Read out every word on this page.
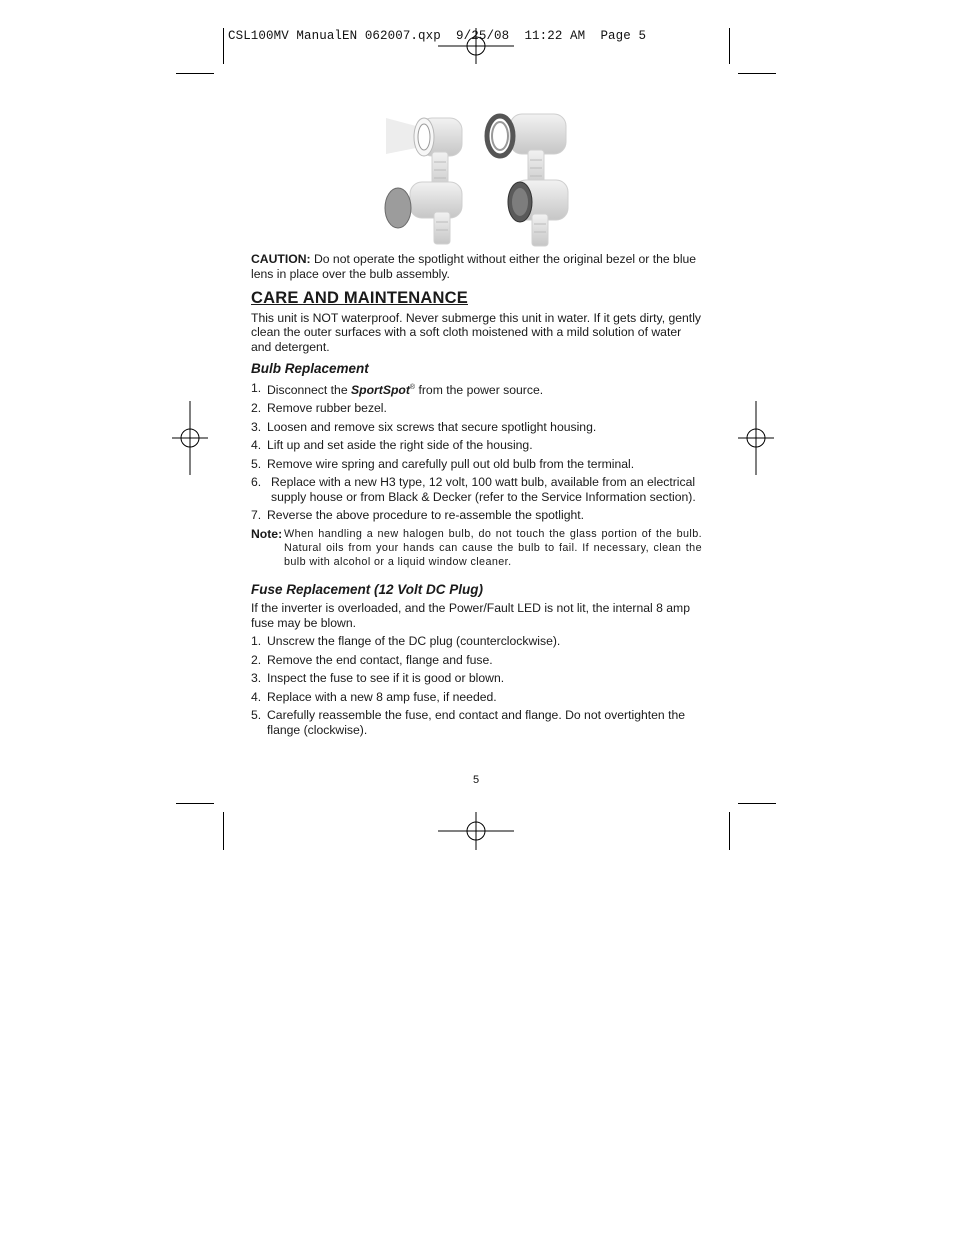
CSL100MV ManualEN 062007.qxp  9/25/08  11:22 AM  Page 5

CAUTION: Do not operate the spotlight without either the original bezel or the blue lens in place over the bulb assembly.

CARE AND MAINTENANCE

This unit is NOT waterproof. Never submerge this unit in water. If it gets dirty, gently clean the outer surfaces with a soft cloth moistened with a mild solution of water and detergent.

Bulb Replacement
1. Disconnect the SportSpot® from the power source.
2. Remove rubber bezel.
3. Loosen and remove six screws that secure spotlight housing.
4. Lift up and set aside the right side of the housing.
5. Remove wire spring and carefully pull out old bulb from the terminal.
6. Replace with a new H3 type, 12 volt, 100 watt bulb, available from an electrical supply house or from Black & Decker (refer to the Service Information section).
7. Reverse the above procedure to re-assemble the spotlight.
Note: When handling a new halogen bulb, do not touch the glass portion of the bulb. Natural oils from your hands can cause the bulb to fail. If necessary, clean the bulb with alcohol or a liquid window cleaner.
Fuse Replacement (12 Volt DC Plug)

If the inverter is overloaded, and the Power/Fault LED is not lit, the internal 8 amp fuse may be blown.

1. Unscrew the flange of the DC plug (counterclockwise).
2. Remove the end contact, flange and fuse.
3. Inspect the fuse to see if it is good or blown.
4. Replace with a new 8 amp fuse, if needed.
5. Carefully reassemble the fuse, end contact and flange. Do not overtighten the flange (clockwise).
5
